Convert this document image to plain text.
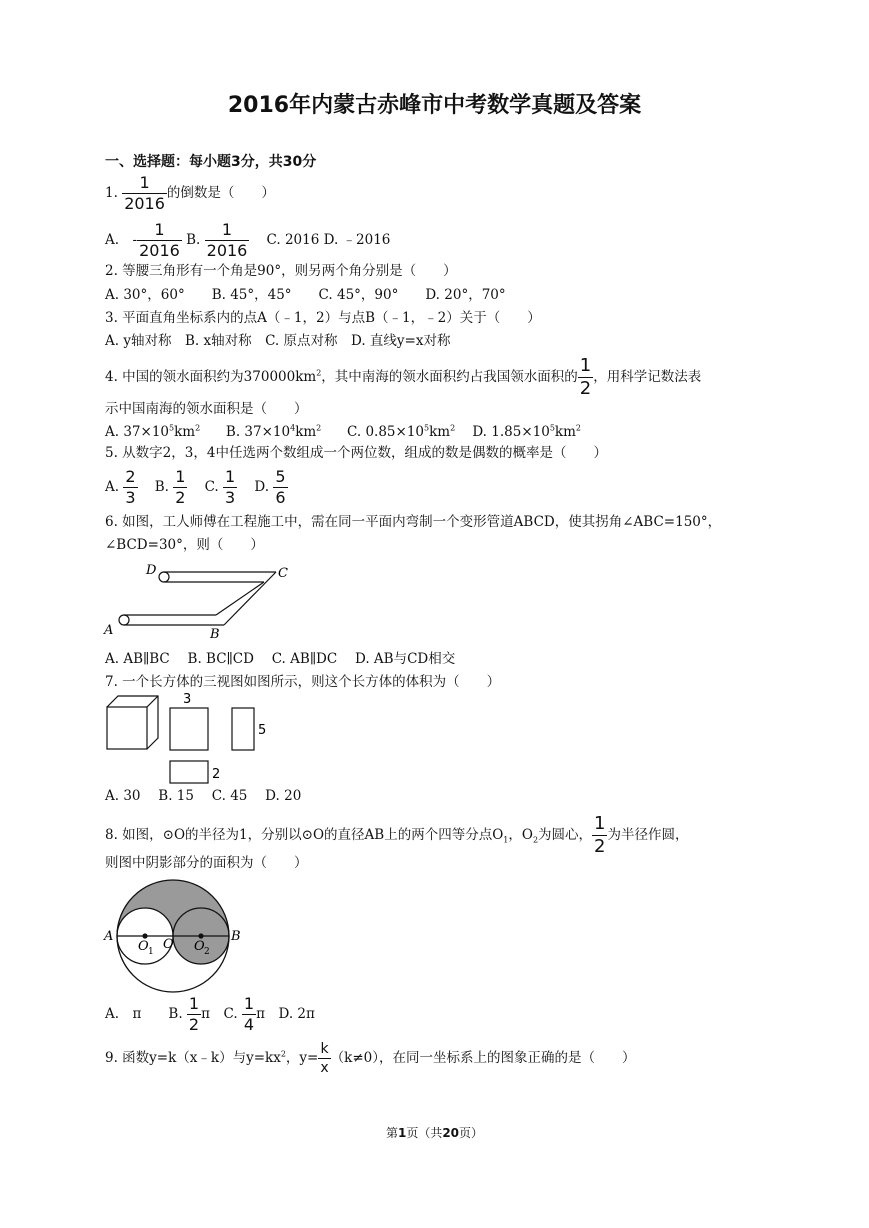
2016年内蒙古赤峰市中考数学真题及答案
一、选择题：每小题3分，共30分
1. $\frac{1}{2016}$ 的倒数是（　　）
A.　- $\frac{1}{2016} B$. $\frac{1}{2016} C$. 2016 D. ﹣2016
2. 等腰三角形有一个角是90°，则另两个角分别是（　　）
A. 30°，60°　　B. 45°，45°　　C. 45°，90°　　D. 20°，70°
3. 平面直角坐标系内的点A（﹣1，2）与点B（﹣1，﹣2）关于（　　）
A. y轴对称　B. x轴对称　C. 原点对称　D. 直线y=x对称
4. 中国的领水面积约为$370000km^2$，其中南海的领水面积约占我国领水面积的 $\frac{1}{2}$ ，用科学记数法表
示中国南海的领水面积是（　　）
A. $37\times 10^5km^2$ B. $37\times 10^4km^2$ C. $0.85\times 10^5km^2$ D. $1.85\times 10^5km^2$
5. 从数字2，3，4中任选两个数组成一个两位数，组成的数是偶数的概率是（　　）
A. $\frac{2}{3} B$. $\frac{1}{2} C$. $\frac{1}{3} D$. $\frac{5}{6}$
6. 如图，工人师傅在工程施工中，需在同一平面内弯制一个变形管道ABCD，使其拐角∠ABC=150°，
∠BCD=30°，则（　　）
D	C
A	B
A. AB∥BC　 B. BC∥CD　 C. AB∥DC　 D. AB与CD相交
7. 一个长方体的三视图如图所示，则这个长方体的体积为（　　）
3
5
2
A. 30　 B. 15　 C. 45　 D. 20
8. 如图，⊙O的半径为1，分别以⊙O的直径AB上的两个四等分点$O_1$，$O_2$为圆心， $\frac{1}{2}$ 为半径作圆，
则图中阴影部分的面积为（　　）
A	B
O
O 1	O 2
A.　π　　B. $\frac{1}{2}$ π　C. $\frac{1}{4}$ π　D. 2π
9. 函数y=k（x﹣k）与$y=kx^2$，$y= \frac{k}{x} (k\ne 0)$，在同一坐标系上的图象正确的是（　　）
第1页（共20页）
